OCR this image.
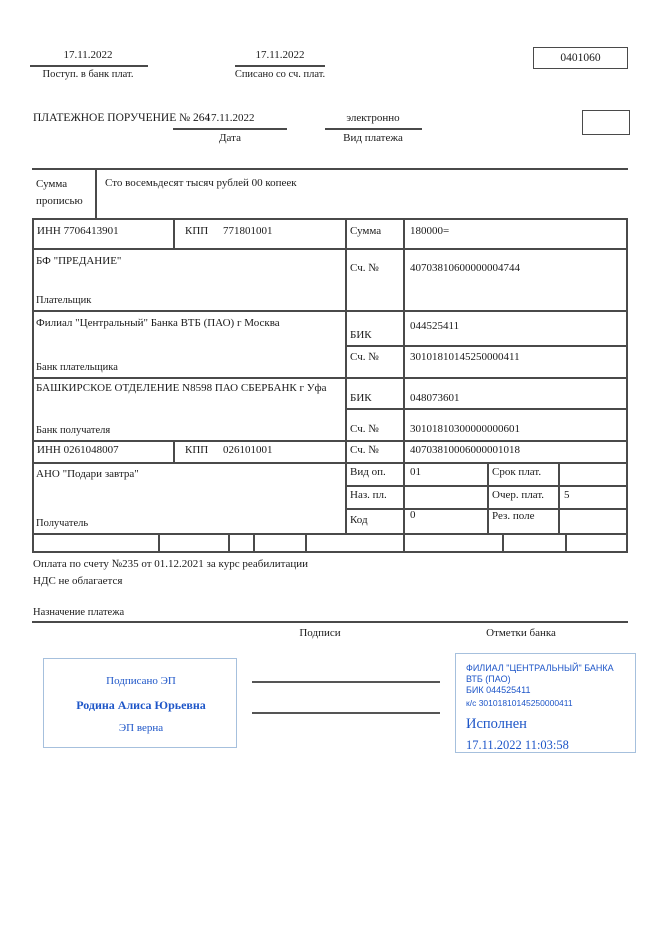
17.11.2022
Поступ. в банк плат.
17.11.2022
Списано со сч. плат.
0401060
ПЛАТЕЖНОЕ ПОРУЧЕНИЕ № 264
17.11.2022
Дата
электронно
Вид платежа
Сумма прописью
Сто восемьдесят тысяч рублей 00 копеек
ИНН 7706413901	КПП 771801001	Сумма	180000=
БФ "ПРЕДАНИЕ"
Сч. №	40703810600000004744
Плательщик
Филиал "Центральный" Банка ВТБ (ПАО) г Москва
БИК
044525411
Сч. №	30101810145250000411
Банк плательщика
БАШКИРСКОЕ ОТДЕЛЕНИЕ N8598 ПАО СБЕРБАНК г Уфа
БИК	048073601
Сч. №	30101810300000000601
Банк получателя
ИНН 0261048007	КПП 026101001	Сч. №	40703810006000001018
АНО "Подари завтра"
Получатель
Вид оп. 01	Срок плат.
Наз. пл.	Очер. плат. 5
Код	0	Рез. поле
Оплата по счету №235 от 01.12.2021 за курс реабилитации
НДС не облагается
Назначение платежа
Подписи	Отметки банка
Подписано ЭП
Родина Алиса Юрьевна
ЭП верна
ФИЛИАЛ "ЦЕНТРАЛЬНЫЙ" БАНКА
ВТБ (ПАО)
БИК 044525411
к/с 30101810145250000411
Исполнен
17.11.2022 11:03:58
